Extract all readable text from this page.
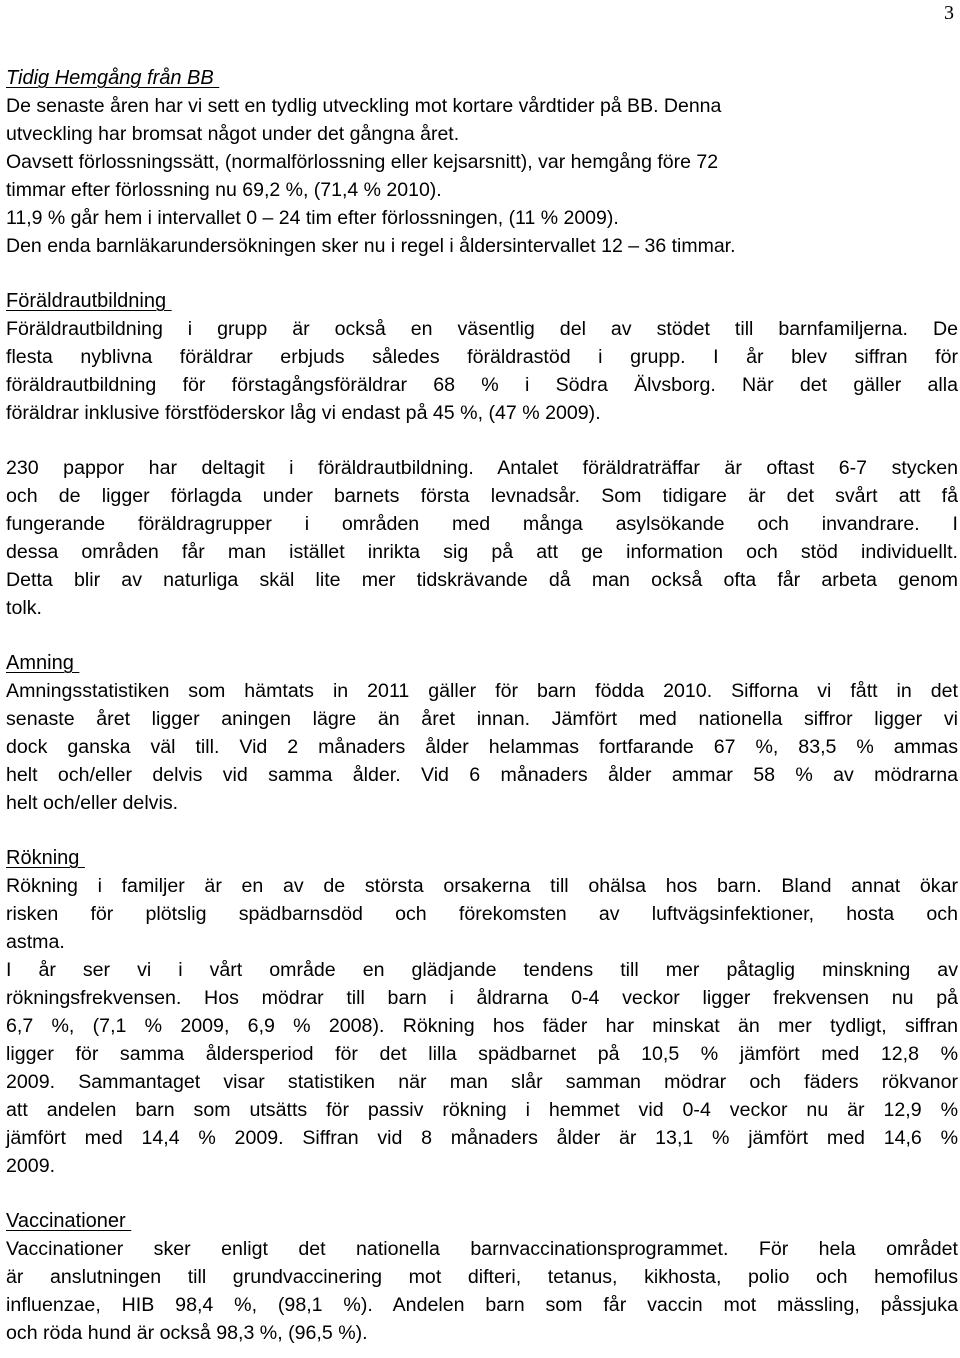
3
Tidig Hemgång från BB
De senaste åren har vi sett en tydlig utveckling mot kortare vårdtider på BB. Denna
utveckling har bromsat något under det gångna året.
Oavsett förlossningssätt, (normalförlossning eller kejsarsnitt), var hemgång före 72
timmar efter förlossning nu 69,2 %, (71,4 % 2010).
11,9 % går hem i intervallet 0 – 24 tim efter förlossningen, (11 % 2009).
Den enda barnläkarundersökningen sker nu i regel i åldersintervallet 12 – 36 timmar.
Föräldrautbildning
Föräldrautbildning i grupp är också en väsentlig del av stödet till barnfamiljerna. De
flesta nyblivna föräldrar erbjuds således föräldrastöd i grupp. I år blev siffran för
föräldrautbildning för förstagångsföräldrar 68 % i Södra Älvsborg. När det gäller alla
föräldrar inklusive förstföderskor låg vi endast på 45 %, (47 % 2009).
230 pappor har deltagit i föräldrautbildning. Antalet föräldraträffar är oftast 6-7 stycken
och de ligger förlagda under barnets första levnadsår. Som tidigare är det svårt att få
fungerande föräldragrupper i områden med många asylsökande och invandrare. I
dessa områden får man istället inrikta sig på att ge information och stöd individuellt.
Detta blir av naturliga skäl lite mer tidskrävande då man också ofta får arbeta genom
tolk.
Amning
Amningsstatistiken som hämtats in 2011 gäller för barn födda 2010. Sifforna vi fått in det
senaste året ligger aningen lägre än året innan. Jämfört med nationella siffror ligger vi
dock ganska väl till. Vid 2 månaders ålder helammas fortfarande 67 %, 83,5 % ammas
helt och/eller delvis vid samma ålder. Vid 6 månaders ålder ammar 58 % av mödrarna
helt och/eller delvis.
Rökning
Rökning i familjer är en av de största orsakerna till ohälsa hos barn. Bland annat ökar
risken för plötslig spädbarnsdöd och förekomsten av luftvägsinfektioner, hosta och
astma.
I år ser vi i vårt område en glädjande tendens till mer påtaglig minskning av
rökningsfrekvensen. Hos mödrar till barn i åldrarna 0-4 veckor ligger frekvensen nu på
6,7 %, (7,1 % 2009, 6,9 % 2008). Rökning hos fäder har minskat än mer tydligt, siffran
ligger för samma åldersperiod för det lilla spädbarnet på 10,5 % jämfört med 12,8 %
2009. Sammantaget visar statistiken när man slår samman mödrar och fäders rökvanor
att andelen barn som utsätts för passiv rökning i hemmet vid 0-4 veckor nu är 12,9 %
jämfört med 14,4 % 2009. Siffran vid 8 månaders ålder är 13,1 % jämfört med 14,6 %
2009.
Vaccinationer
Vaccinationer sker enligt det nationella barnvaccinationsprogrammet. För hela området
är anslutningen till grundvaccinering mot difteri, tetanus, kikhosta, polio och hemofilus
influenzae, HIB 98,4 %, (98,1 %). Andelen barn som får vaccin mot mässling, påssjuka
och röda hund är också 98,3 %, (96,5 %).
